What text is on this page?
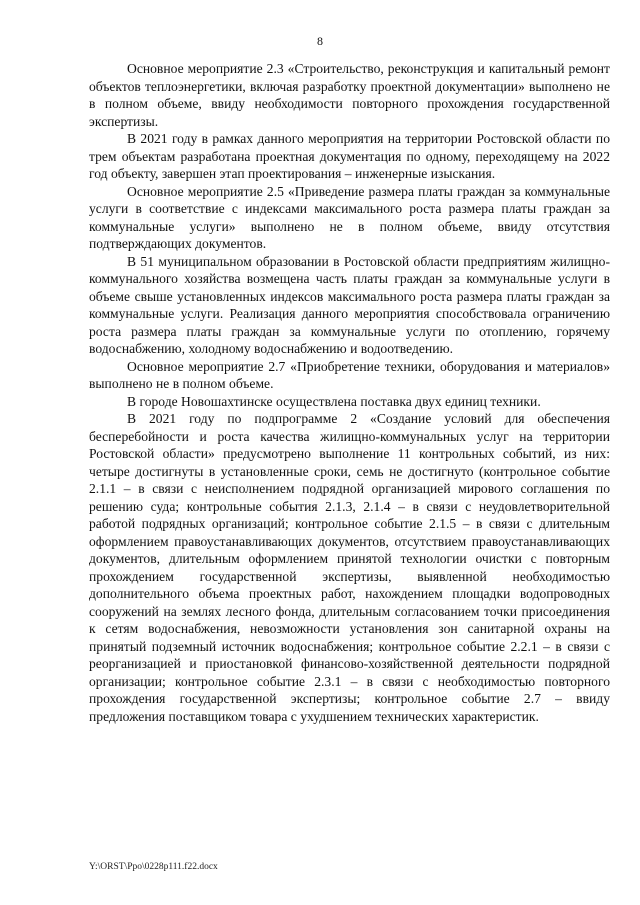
8

Основное мероприятие 2.3 «Строительство, реконструкция и капитальный ремонт объектов теплоэнергетики, включая разработку проектной документации» выполнено не в полном объеме, ввиду необходимости повторного прохождения государственной экспертизы.

В 2021 году в рамках данного мероприятия на территории Ростовской области по трем объектам разработана проектная документация по одному, переходящему на 2022 год объекту, завершен этап проектирования – инженерные изыскания.

Основное мероприятие 2.5 «Приведение размера платы граждан за коммунальные услуги в соответствие с индексами максимального роста размера платы граждан за коммунальные услуги» выполнено не в полном объеме, ввиду отсутствия подтверждающих документов.

В 51 муниципальном образовании в Ростовской области предприятиям жилищно-коммунального хозяйства возмещена часть платы граждан за коммунальные услуги в объеме свыше установленных индексов максимального роста размера платы граждан за коммунальные услуги. Реализация данного мероприятия способствовала ограничению роста размера платы граждан за коммунальные услуги по отоплению, горячему водоснабжению, холодному водоснабжению и водоотведению.

Основное мероприятие 2.7 «Приобретение техники, оборудования и материалов» выполнено не в полном объеме.

В городе Новошахтинске осуществлена поставка двух единиц техники.

В 2021 году по подпрограмме 2 «Создание условий для обеспечения бесперебойности и роста качества жилищно-коммунальных услуг на территории Ростовской области» предусмотрено выполнение 11 контрольных событий, из них: четыре достигнуты в установленные сроки, семь не достигнуто (контрольное событие 2.1.1 – в связи с неисполнением подрядной организацией мирового соглашения по решению суда; контрольные события 2.1.3, 2.1.4 – в связи с неудовлетворительной работой подрядных организаций; контрольное событие 2.1.5 – в связи с длительным оформлением правоустанавливающих документов, отсутствием правоустанавливающих документов, длительным оформлением принятой технологии очистки с повторным прохождением государственной экспертизы, выявленной необходимостью дополнительного объема проектных работ, нахождением площадки водопроводных сооружений на землях лесного фонда, длительным согласованием точки присоединения к сетям водоснабжения, невозможности установления зон санитарной охраны на принятый подземный источник водоснабжения; контрольное событие 2.2.1 – в связи с реорганизацией и приостановкой финансово-хозяйственной деятельности подрядной организации; контрольное событие 2.3.1 – в связи с необходимостью повторного прохождения государственной экспертизы; контрольное событие 2.7 – ввиду предложения поставщиком товара с ухудшением технических характеристик.

Y:\ORST\Ppo\0228p111.f22.docx
